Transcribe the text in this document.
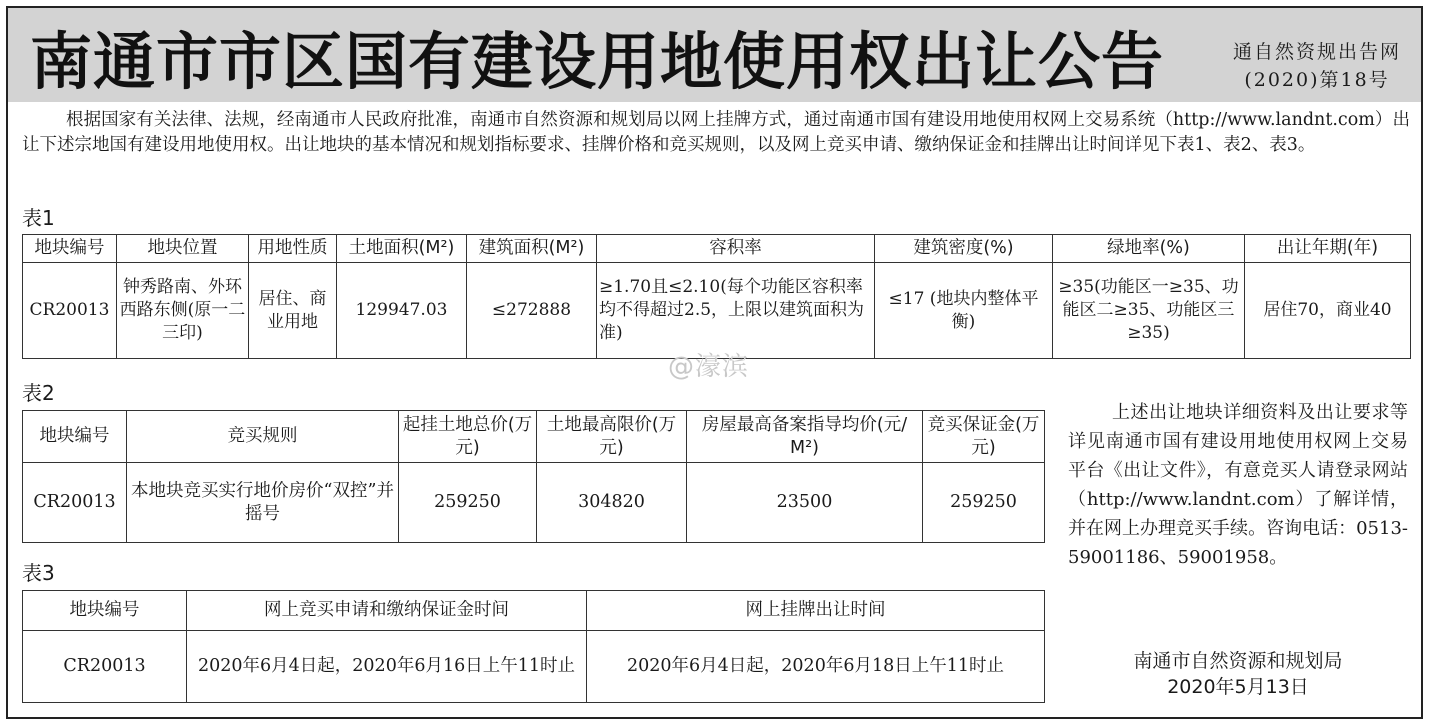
南通市市区国有建设用地使用权出让公告	通自然资规出告网
(2020)第18号
根据国家有关法律、法规，经南通市人民政府批准，南通市自然资源和规划局以网上挂牌方式，通过南通市国有建设用地使用权网上交易系统（http://www.landnt.com）出让下述宗地国有建设用地使用权。出让地块的基本情况和规划指标要求、挂牌价格和竞买规则，以及网上竞买申请、缴纳保证金和挂牌出让时间详见下表1、表2、表3。
表1
地块编号	地块位置	用地性质	土地面积(M²)	建筑面积(M²)	容积率	建筑密度(%)	绿地率(%)	出让年期(年)
CR20013	钟秀路南、外环西路东侧(原一二三印)	居住、商业用地	129947.03	≤272888	≥1.70且≤2.10(每个功能区容积率均不得超过2.5，上限以建筑面积为准)	≤17 (地块内整体平衡)	≥35(功能区一≥35、功能区二≥35、功能区三≥35)	居住70，商业40
@濠滨
表2
地块编号	竞买规则	起挂土地总价(万元)	土地最高限价(万元)	房屋最高备案指导均价(元/ M²)	竞买保证金(万元)
CR20013	本地块竞买实行地价房价“双控”并摇号	259250	304820	23500	259250
表3
地块编号	网上竞买申请和缴纳保证金时间	网上挂牌出让时间
CR20013	2020年6月4日起，2020年6月16日上午11时止	2020年6月4日起，2020年6月18日上午11时止
上述出让地块详细资料及出让要求等详见南通市国有建设用地使用权网上交易平台《出让文件》，有意竞买人请登录网站（http://www.landnt.com）了解详情，并在网上办理竞买手续。咨询电话：0513-59001186、59001958。
南通市自然资源和规划局
2020年5月13日
